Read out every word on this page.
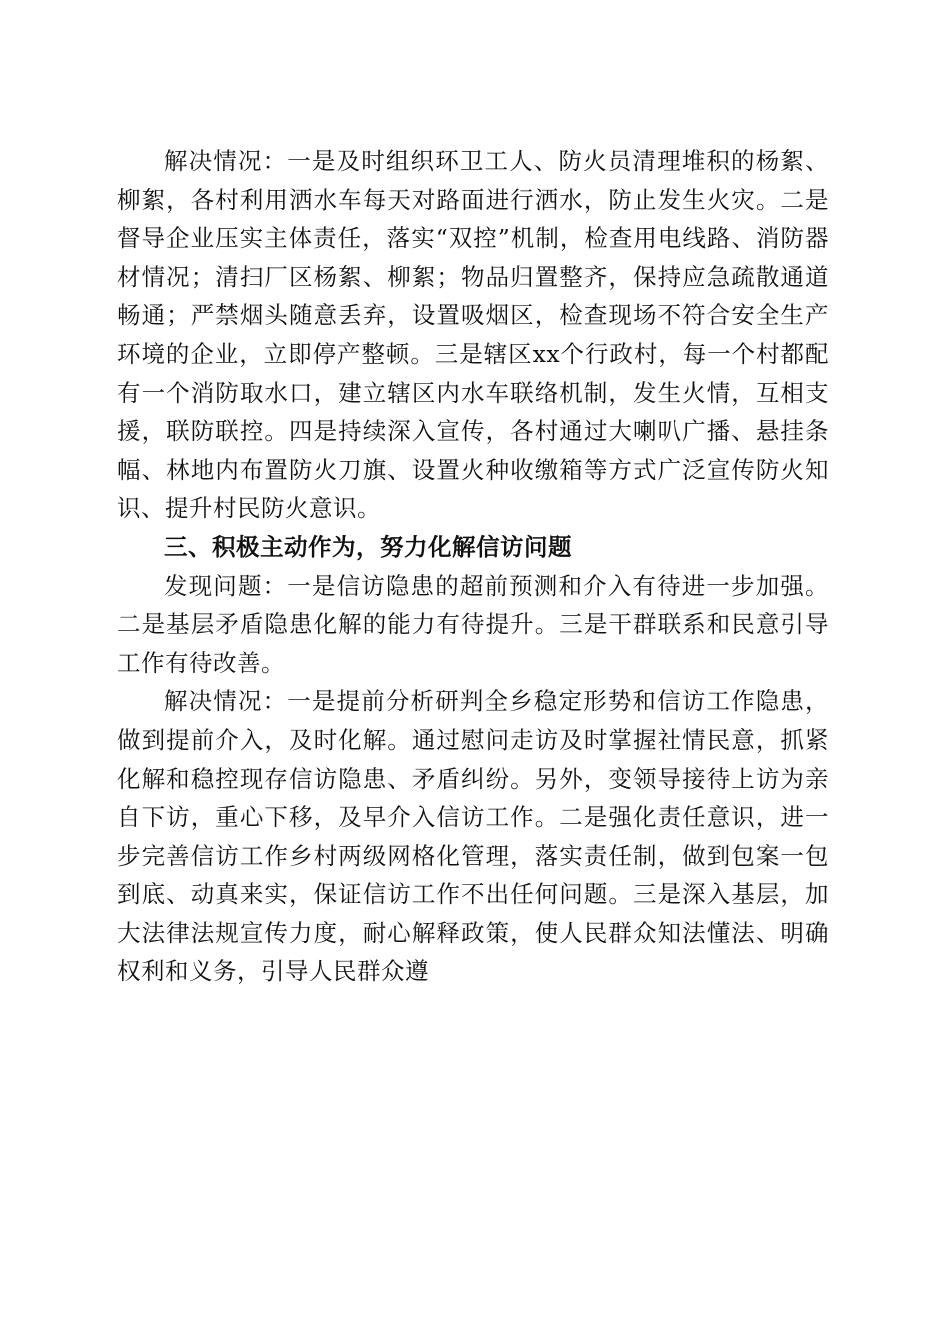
解决情况：一是及时组织环卫工人、防火员清理堆积的杨絮、柳絮，各村利用洒水车每天对路面进行洒水，防止发生火灾。二是督导企业压实主体责任，落实“双控”机制，检查用电线路、消防器材情况；清扫厂区杨絮、柳絮；物品归置整齐，保持应急疏散通道畅通；严禁烟头随意丢弃，设置吸烟区，检查现场不符合安全生产环境的企业，立即停产整顿。三是辖区xx个行政村，每一个村都配有一个消防取水口，建立辖区内水车联络机制，发生火情，互相支援，联防联控。四是持续深入宣传，各村通过大喇叭广播、悬挂条幅、林地内布置防火刀旗、设置火种收缴箱等方式广泛宣传防火知识、提升村民防火意识。

三、积极主动作为，努力化解信访问题

发现问题：一是信访隐患的超前预测和介入有待进一步加强。二是基层矛盾隐患化解的能力有待提升。三是干群联系和民意引导工作有待改善。

解决情况：一是提前分析研判全乡稳定形势和信访工作隐患，做到提前介入，及时化解。通过慰问走访及时掌握社情民意，抓紧化解和稳控现存信访隐患、矛盾纠纷。另外，变领导接待上访为亲自下访，重心下移，及早介入信访工作。二是强化责任意识，进一步完善信访工作乡村两级网格化管理，落实责任制，做到包案一包到底、动真来实，保证信访工作不出任何问题。三是深入基层，加大法律法规宣传力度，耐心解释政策，使人民群众知法懂法、明确权利和义务，引导人民群众遵
